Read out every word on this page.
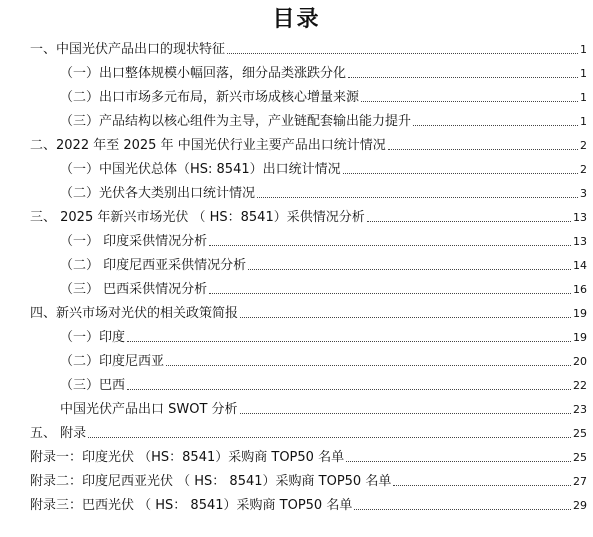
目录
一、中国光伏产品出口的现状特征	1
（一）出口整体规模小幅回落，细分品类涨跌分化	1
（二）出口市场多元布局，新兴市场成核心增量来源	1
（三）产品结构以核心组件为主导，产业链配套输出能力提升	1
二、2022 年至 2025 年 中国光伏行业主要产品出口统计情况	2
（一）中国光伏总体（HS: 8541）出口统计情况	2
（二）光伏各大类别出口统计情况	3
三、 2025 年新兴市场光伏 （ HS：8541）采供情况分析	13
（一） 印度采供情况分析	13
（二） 印度尼西亚采供情况分析	14
（三） 巴西采供情况分析	16
四、新兴市场对光伏的相关政策简报	19
（一）印度	19
（二）印度尼西亚	20
（三）巴西	22
中国光伏产品出口 SWOT 分析	23
五、 附录	25
附录一：印度光伏 （HS：8541）采购商 TOP50 名单	25
附录二：印度尼西亚光伏 （ HS： 8541）采购商 TOP50 名单	27
附录三：巴西光伏 （ HS： 8541）采购商 TOP50 名单	29
